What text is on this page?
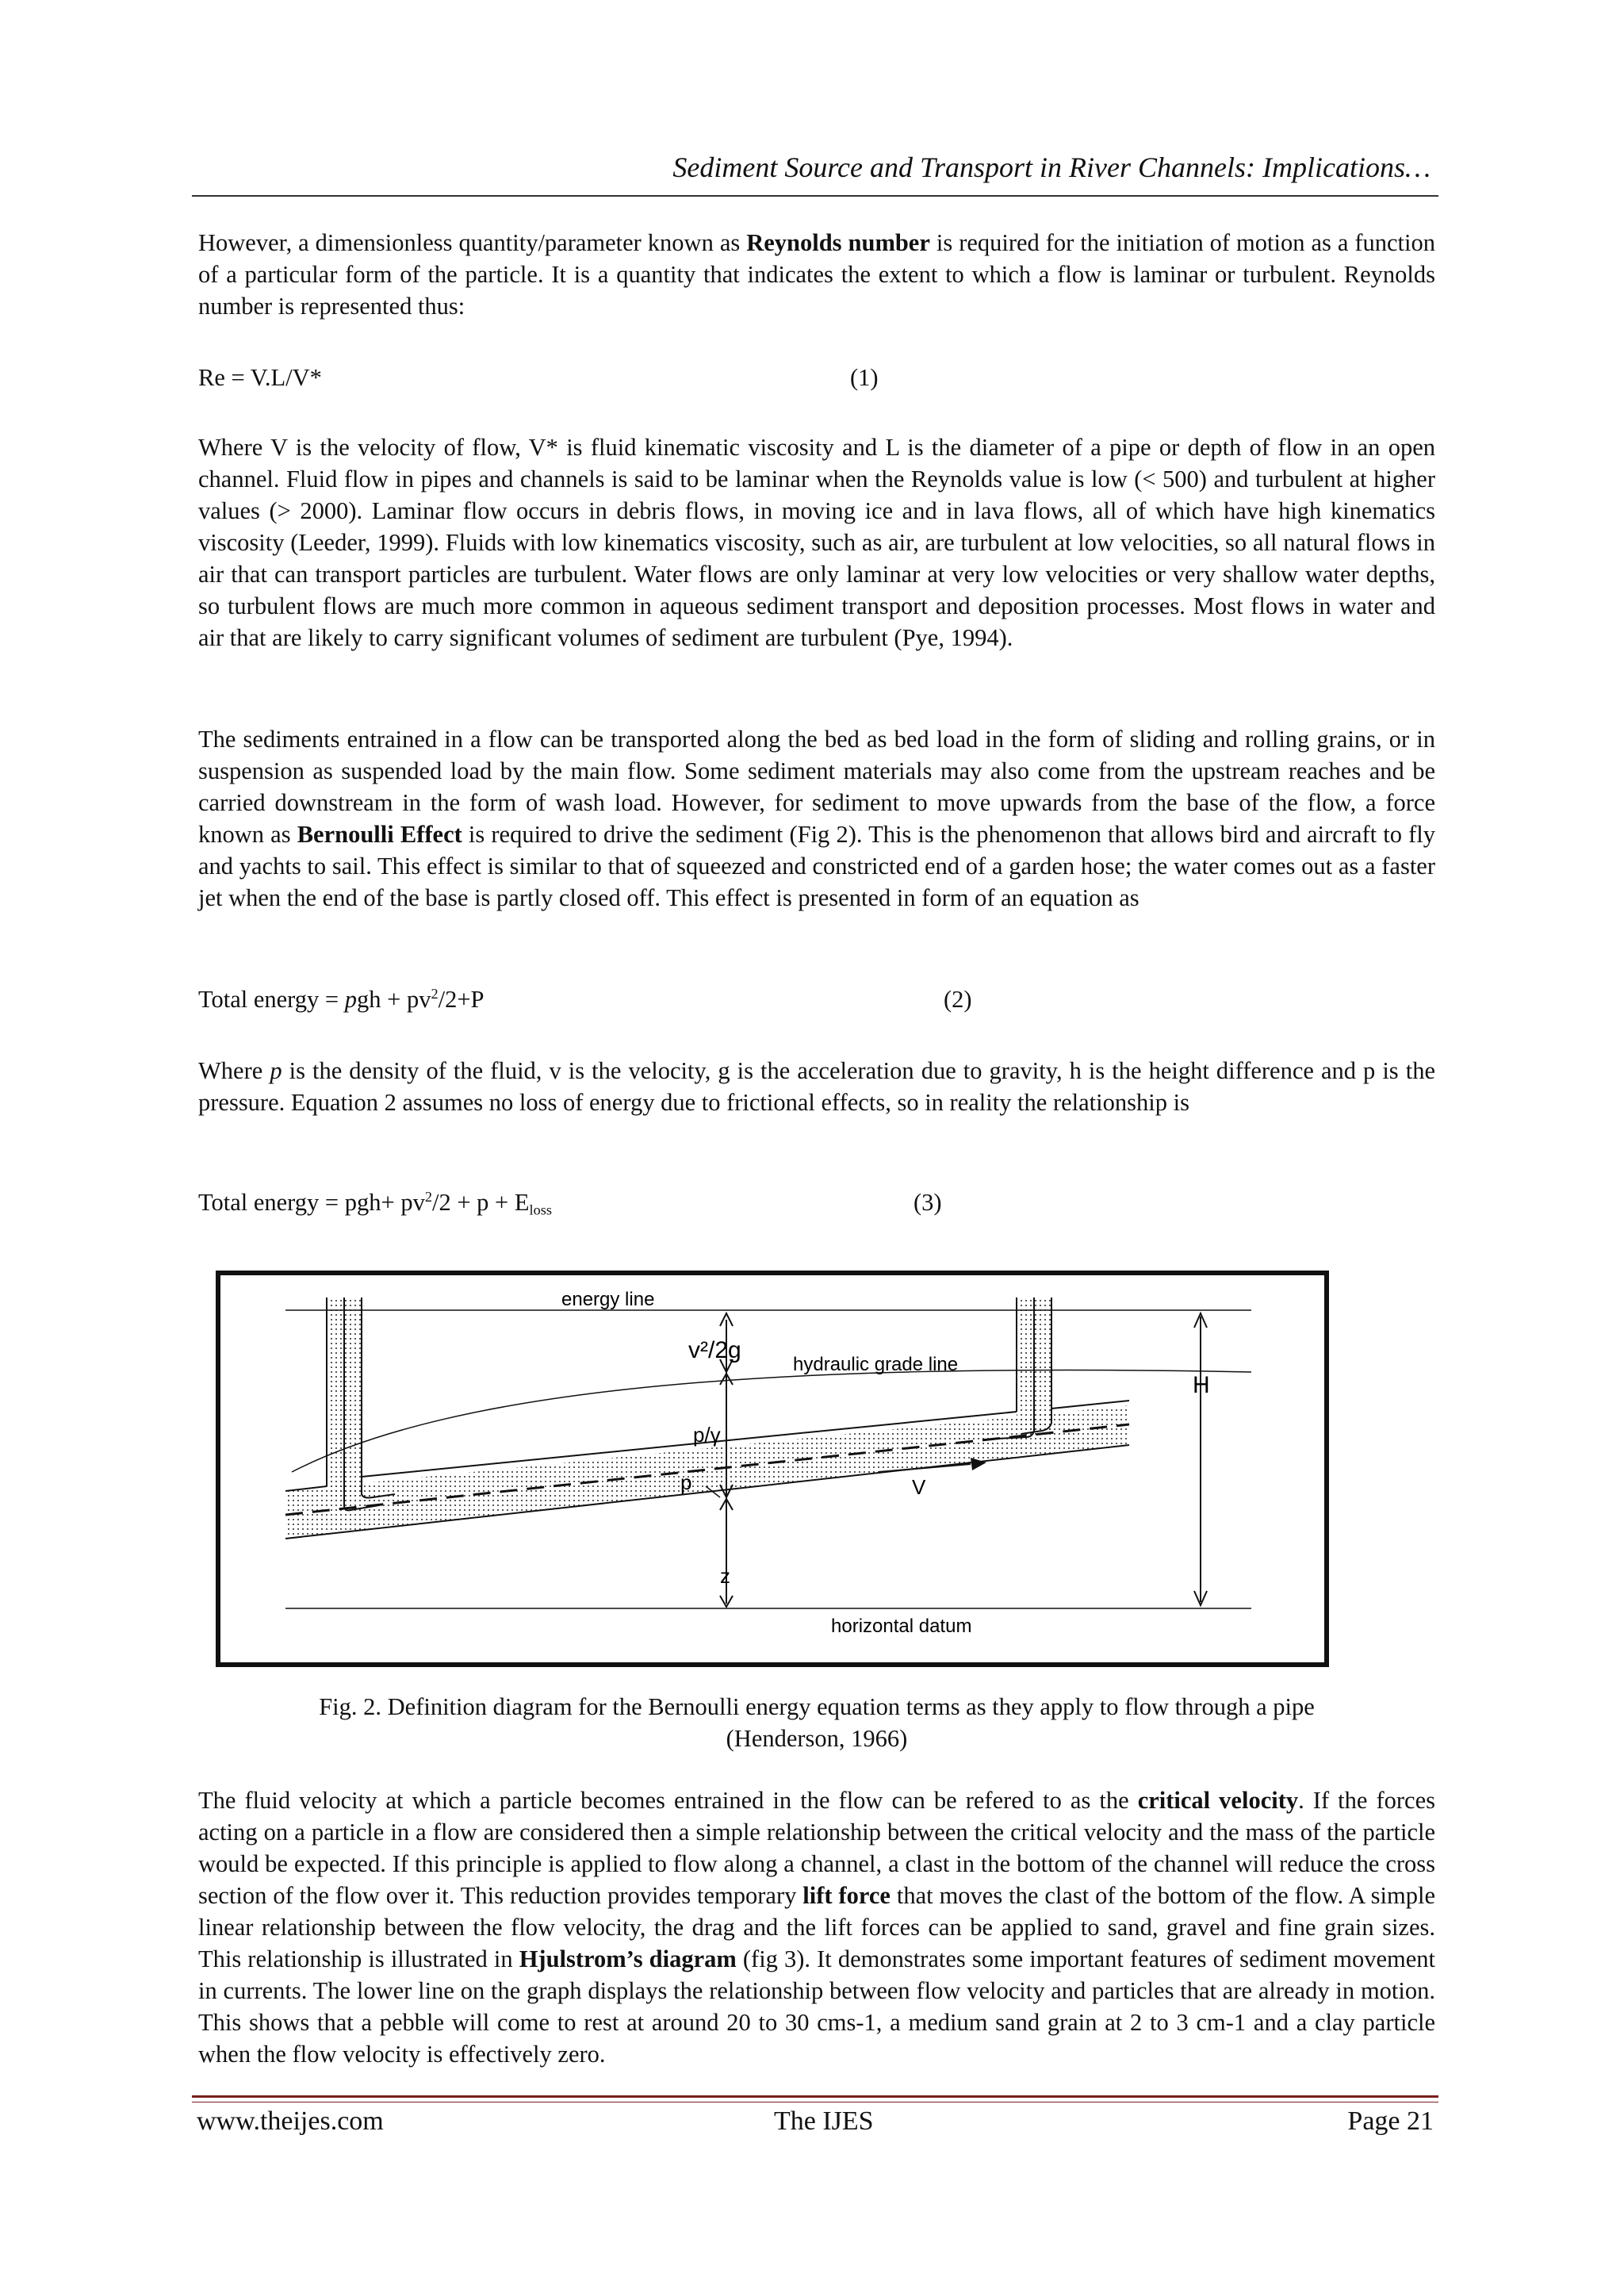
Sediment Source and Transport in River Channels: Implications…

However, a dimensionless quantity/parameter known as Reynolds number is required for the initiation of motion as a function of a particular form of the particle. It is a quantity that indicates the extent to which a flow is laminar or turbulent. Reynolds number is represented thus:

Re = V.L/V*	(1)

Where V is the velocity of flow, V* is fluid kinematic viscosity and L is the diameter of a pipe or depth of flow in an open channel. Fluid flow in pipes and channels is said to be laminar when the Reynolds value is low (< 500) and turbulent at higher values (> 2000). Laminar flow occurs in debris flows, in moving ice and in lava flows, all of which have high kinematics viscosity (Leeder, 1999). Fluids with low kinematics viscosity, such as air, are turbulent at low velocities, so all natural flows in air that can transport particles are turbulent. Water flows are only laminar at very low velocities or very shallow water depths, so turbulent flows are much more common in aqueous sediment transport and deposition processes. Most flows in water and air that are likely to carry significant volumes of sediment are turbulent (Pye, 1994).

The sediments entrained in a flow can be transported along the bed as bed load in the form of sliding and rolling grains, or in suspension as suspended load by the main flow. Some sediment materials may also come from the upstream reaches and be carried downstream in the form of wash load. However, for sediment to move upwards from the base of the flow, a force known as Bernoulli Effect is required to drive the sediment (Fig 2). This is the phenomenon that allows bird and aircraft to fly and yachts to sail. This effect is similar to that of squeezed and constricted end of a garden hose; the water comes out as a faster jet when the end of the base is partly closed off. This effect is presented in form of an equation as

Total energy = pgh + $pv^2/2+P$	(2)

Where p is the density of the fluid, v is the velocity, g is the acceleration due to gravity, h is the height difference and p is the pressure. Equation 2 assumes no loss of energy due to frictional effects, so in reality the relationship is

Total energy = $pgh+ pv^2/2 + p + E_{loss}$	(3)
energy line
v²/2g
hydraulic grade line
p/γ
p	V
z
H
horizontal datum
Fig. 2. Definition diagram for the Bernoulli energy equation terms as they apply to flow through a pipe
(Henderson, 1966)

The fluid velocity at which a particle becomes entrained in the flow can be refered to as the critical velocity. If the forces acting on a particle in a flow are considered then a simple relationship between the critical velocity and the mass of the particle would be expected. If this principle is applied to flow along a channel, a clast in the bottom of the channel will reduce the cross section of the flow over it. This reduction provides temporary lift force that moves the clast of the bottom of the flow. A simple linear relationship between the flow velocity, the drag and the lift forces can be applied to sand, gravel and fine grain sizes. This relationship is illustrated in Hjulstrom’s diagram (fig 3). It demonstrates some important features of sediment movement in currents. The lower line on the graph displays the relationship between flow velocity and particles that are already in motion. This shows that a pebble will come to rest at around 20 to 30 cms-1, a medium sand grain at 2 to 3 cm-1 and a clay particle when the flow velocity is effectively zero.

www.theijes.com	The IJES	Page 21
